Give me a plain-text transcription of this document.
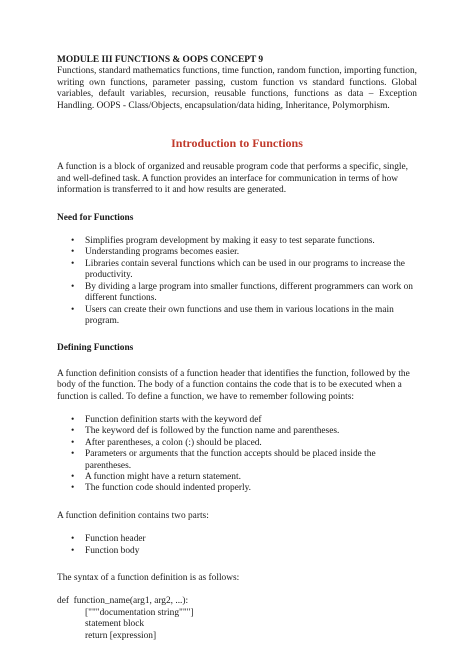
MODULE III FUNCTIONS & OOPS CONCEPT 9

Functions, standard mathematics functions, time function, random function, importing function, writing own functions, parameter passing, custom function vs standard functions. Global variables, default variables, recursion, reusable functions, functions as data – Exception Handling. OOPS - Class/Objects, encapsulation/data hiding, Inheritance, Polymorphism.

Introduction to Functions

A function is a block of organized and reusable program code that performs a specific, single, and well-defined task. A function provides an interface for communication in terms of how information is transferred to it and how results are generated.

Need for Functions

• Simplifies program development by making it easy to test separate functions.
• Understanding programs becomes easier.
• Libraries contain several functions which can be used in our programs to increase the productivity.
• By dividing a large program into smaller functions, different programmers can work on different functions.
• Users can create their own functions and use them in various locations in the main program.

Defining Functions

A function definition consists of a function header that identifies the function, followed by the body of the function. The body of a function contains the code that is to be executed when a function is called. To define a function, we have to remember following points:

• Function definition starts with the keyword def
• The keyword def is followed by the function name and parentheses.
• After parentheses, a colon (:) should be placed.
• Parameters or arguments that the function accepts should be placed inside the parentheses.
• A function might have a return statement.
• The function code should indented properly.

A function definition contains two parts:

• Function header
• Function body

The syntax of a function definition is as follows:

def  function_name(arg1, arg2, ...):
["""documentation string"""]
statement block
return [expression]
